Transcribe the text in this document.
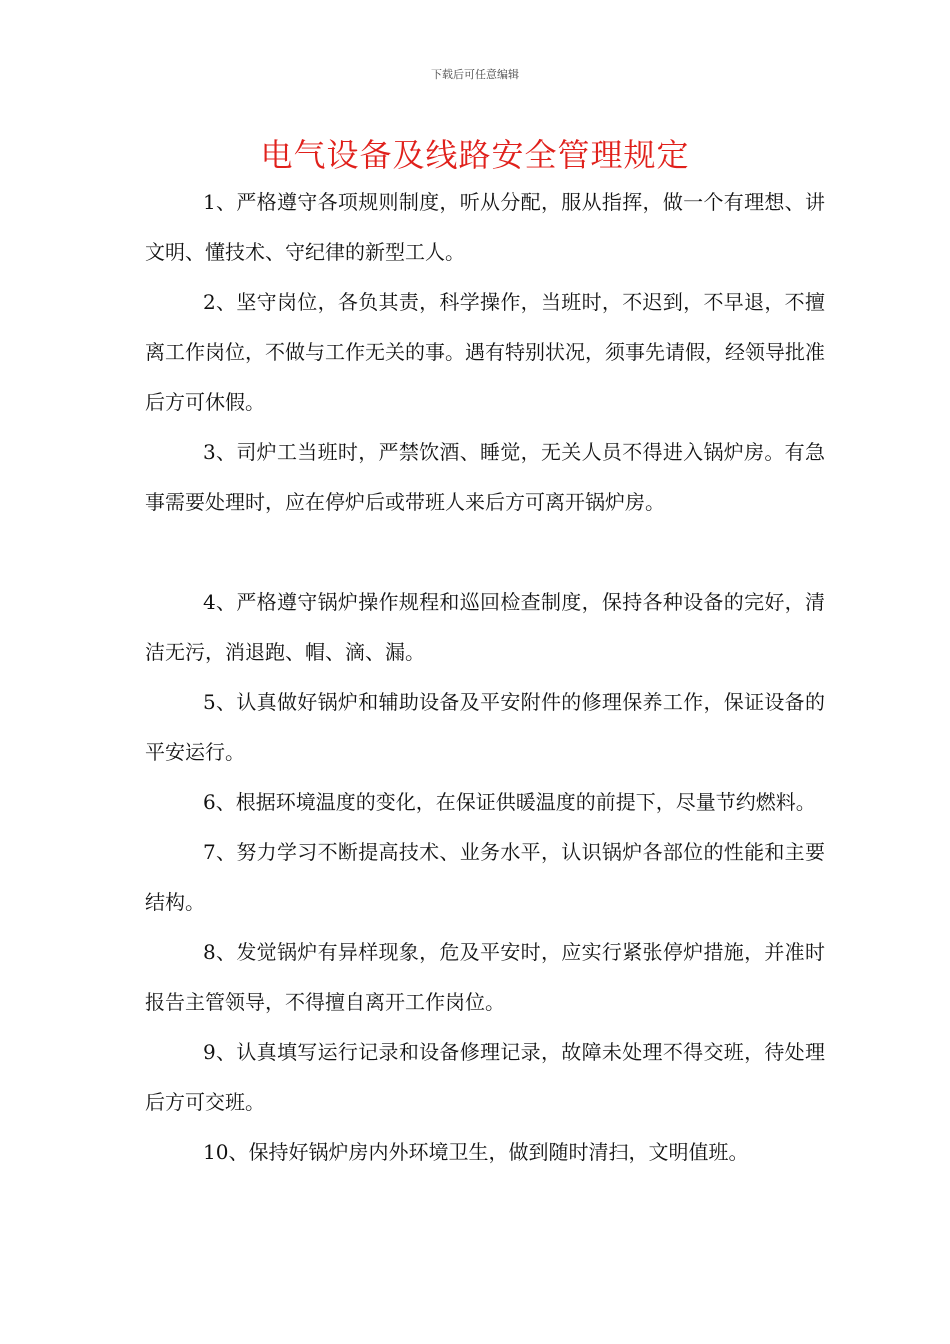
下载后可任意编辑
电气设备及线路安全管理规定

1、严格遵守各项规则制度，听从分配，服从指挥，做一个有理想、讲文明、懂技术、守纪律的新型工人。

2、坚守岗位，各负其责，科学操作，当班时，不迟到，不早退，不擅离工作岗位，不做与工作无关的事。遇有特别状况，须事先请假，经领导批准后方可休假。

3、司炉工当班时，严禁饮酒、睡觉，无关人员不得进入锅炉房。有急事需要处理时，应在停炉后或带班人来后方可离开锅炉房。

4、严格遵守锅炉操作规程和巡回检查制度，保持各种设备的完好，清洁无污，消退跑、帽、滴、漏。

5、认真做好锅炉和辅助设备及平安附件的修理保养工作，保证设备的平安运行。

6、根据环境温度的变化，在保证供暖温度的前提下，尽量节约燃料。

7、努力学习不断提高技术、业务水平，认识锅炉各部位的性能和主要结构。

8、发觉锅炉有异样现象，危及平安时，应实行紧张停炉措施，并准时报告主管领导，不得擅自离开工作岗位。

9、认真填写运行记录和设备修理记录，故障未处理不得交班，待处理后方可交班。

10、保持好锅炉房内外环境卫生，做到随时清扫，文明值班。
